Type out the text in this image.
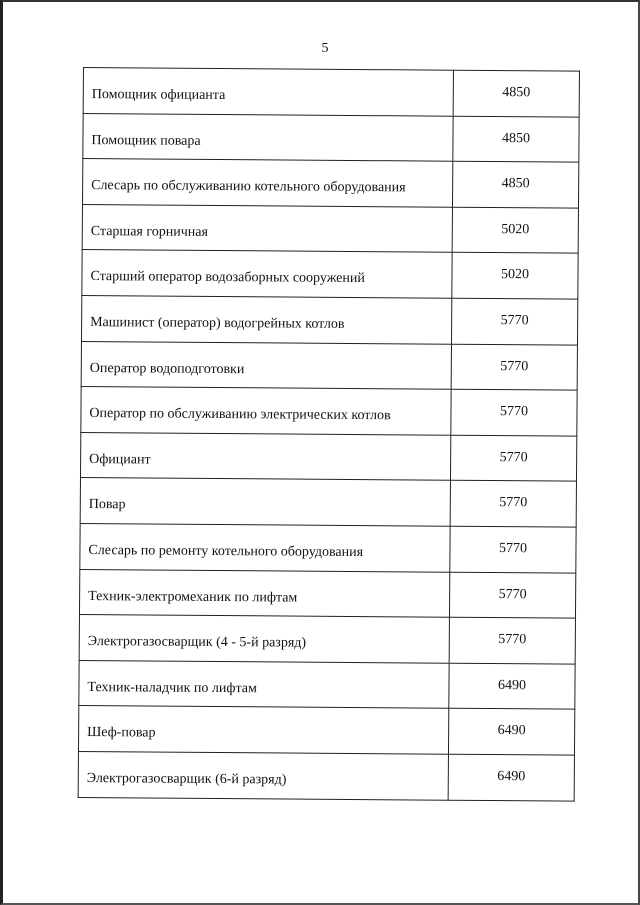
5
Помощник официанта	4850

Помощник повара	4850

Слесарь по обслуживанию котельного оборудования	4850

Старшая горничная	5020

Старший оператор водозаборных сооружений	5020

Машинист (оператор) водогрейных котлов	5770

Оператор водоподготовки	5770

Оператор по обслуживанию электрических котлов	5770

Официант	5770

Повар	5770

Слесарь по ремонту котельного оборудования	5770

Техник-электромеханик по лифтам	5770

Электрогазосварщик (4 - 5-й разряд)	5770

Техник-наладчик по лифтам	6490

Шеф-повар	6490

Электрогазосварщик (6-й разряд)	6490
